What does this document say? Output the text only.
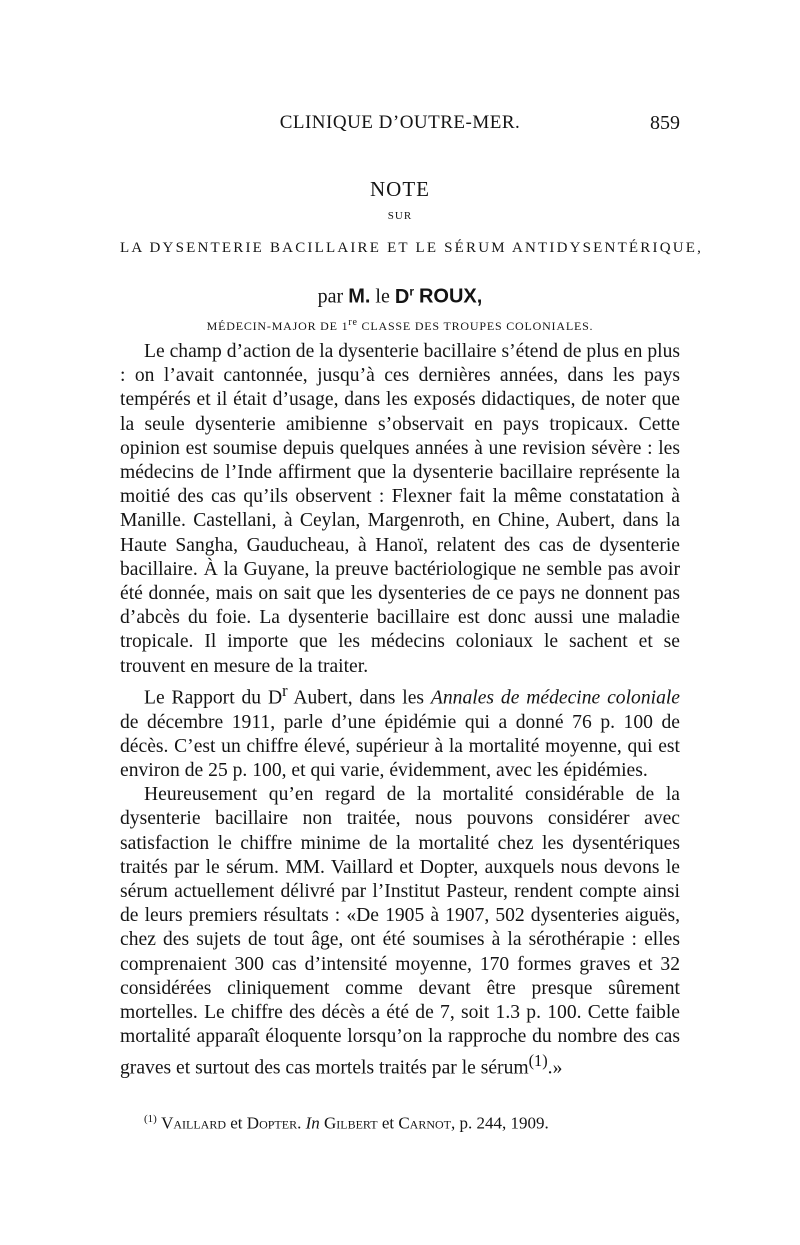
CLINIQUE D’OUTRE-MER.	859
NOTE
SUR
LA DYSENTERIE BACILLAIRE ET LE SÉRUM ANTIDYSENTÉRIQUE,
par M. le $D^r$ ROUX,
MÉDECIN-MAJOR DE 1re CLASSE DES TROUPES COLONIALES.

Le champ d’action de la dysenterie bacillaire s’étend de plus en plus : on l’avait cantonnée, jusqu’à ces dernières années, dans les pays tempérés et il était d’usage, dans les exposés didactiques, de noter que la seule dysenterie amibienne s’observait en pays tropicaux. Cette opinion est soumise depuis quelques années à une revision sévère : les médecins de l’Inde affirment que la dysenterie bacillaire représente la moitié des cas qu’ils observent : Flexner fait la même constatation à Manille. Castellani, à Ceylan, Margenroth, en Chine, Aubert, dans la Haute Sangha, Gauducheau, à Hanoï, relatent des cas de dysenterie bacillaire. À la Guyane, la preuve bactériologique ne semble pas avoir été donnée, mais on sait que les dysenteries de ce pays ne donnent pas d’abcès du foie. La dysenterie bacillaire est donc aussi une maladie tropicale. Il importe que les médecins coloniaux le sachent et se trouvent en mesure de la traiter.

Le Rapport du $D^r$ Aubert, dans les Annales de médecine coloniale de décembre 1911, parle d’une épidémie qui a donné 76 p. 100 de décès. C’est un chiffre élevé, supérieur à la mortalité moyenne, qui est environ de 25 p. 100, et qui varie, évidemment, avec les épidémies.

Heureusement qu’en regard de la mortalité considérable de la dysenterie bacillaire non traitée, nous pouvons considérer avec satisfaction le chiffre minime de la mortalité chez les dysentériques traités par le sérum. MM. Vaillard et Dopter, auxquels nous devons le sérum actuellement délivré par l’Institut Pasteur, rendent compte ainsi de leurs premiers résultats : «De 1905 à 1907, 502 dysenteries aiguës, chez des sujets de tout âge, ont été soumises à la sérothérapie : elles comprenaient 300 cas d’intensité moyenne, 170 formes graves et 32 considérées cliniquement comme devant être presque sûrement mortelles. Le chiffre des décès a été de 7, soit 1.3 p. 100. Cette faible mortalité apparaît éloquente lorsqu’on la rapproche du nombre des cas graves et surtout des cas mortels traités par le sérum$^{(1)}$.»

$^{(1)}$ Vaillard et Dopter. In Gilbert et Carnot, p. 244, 1909.
